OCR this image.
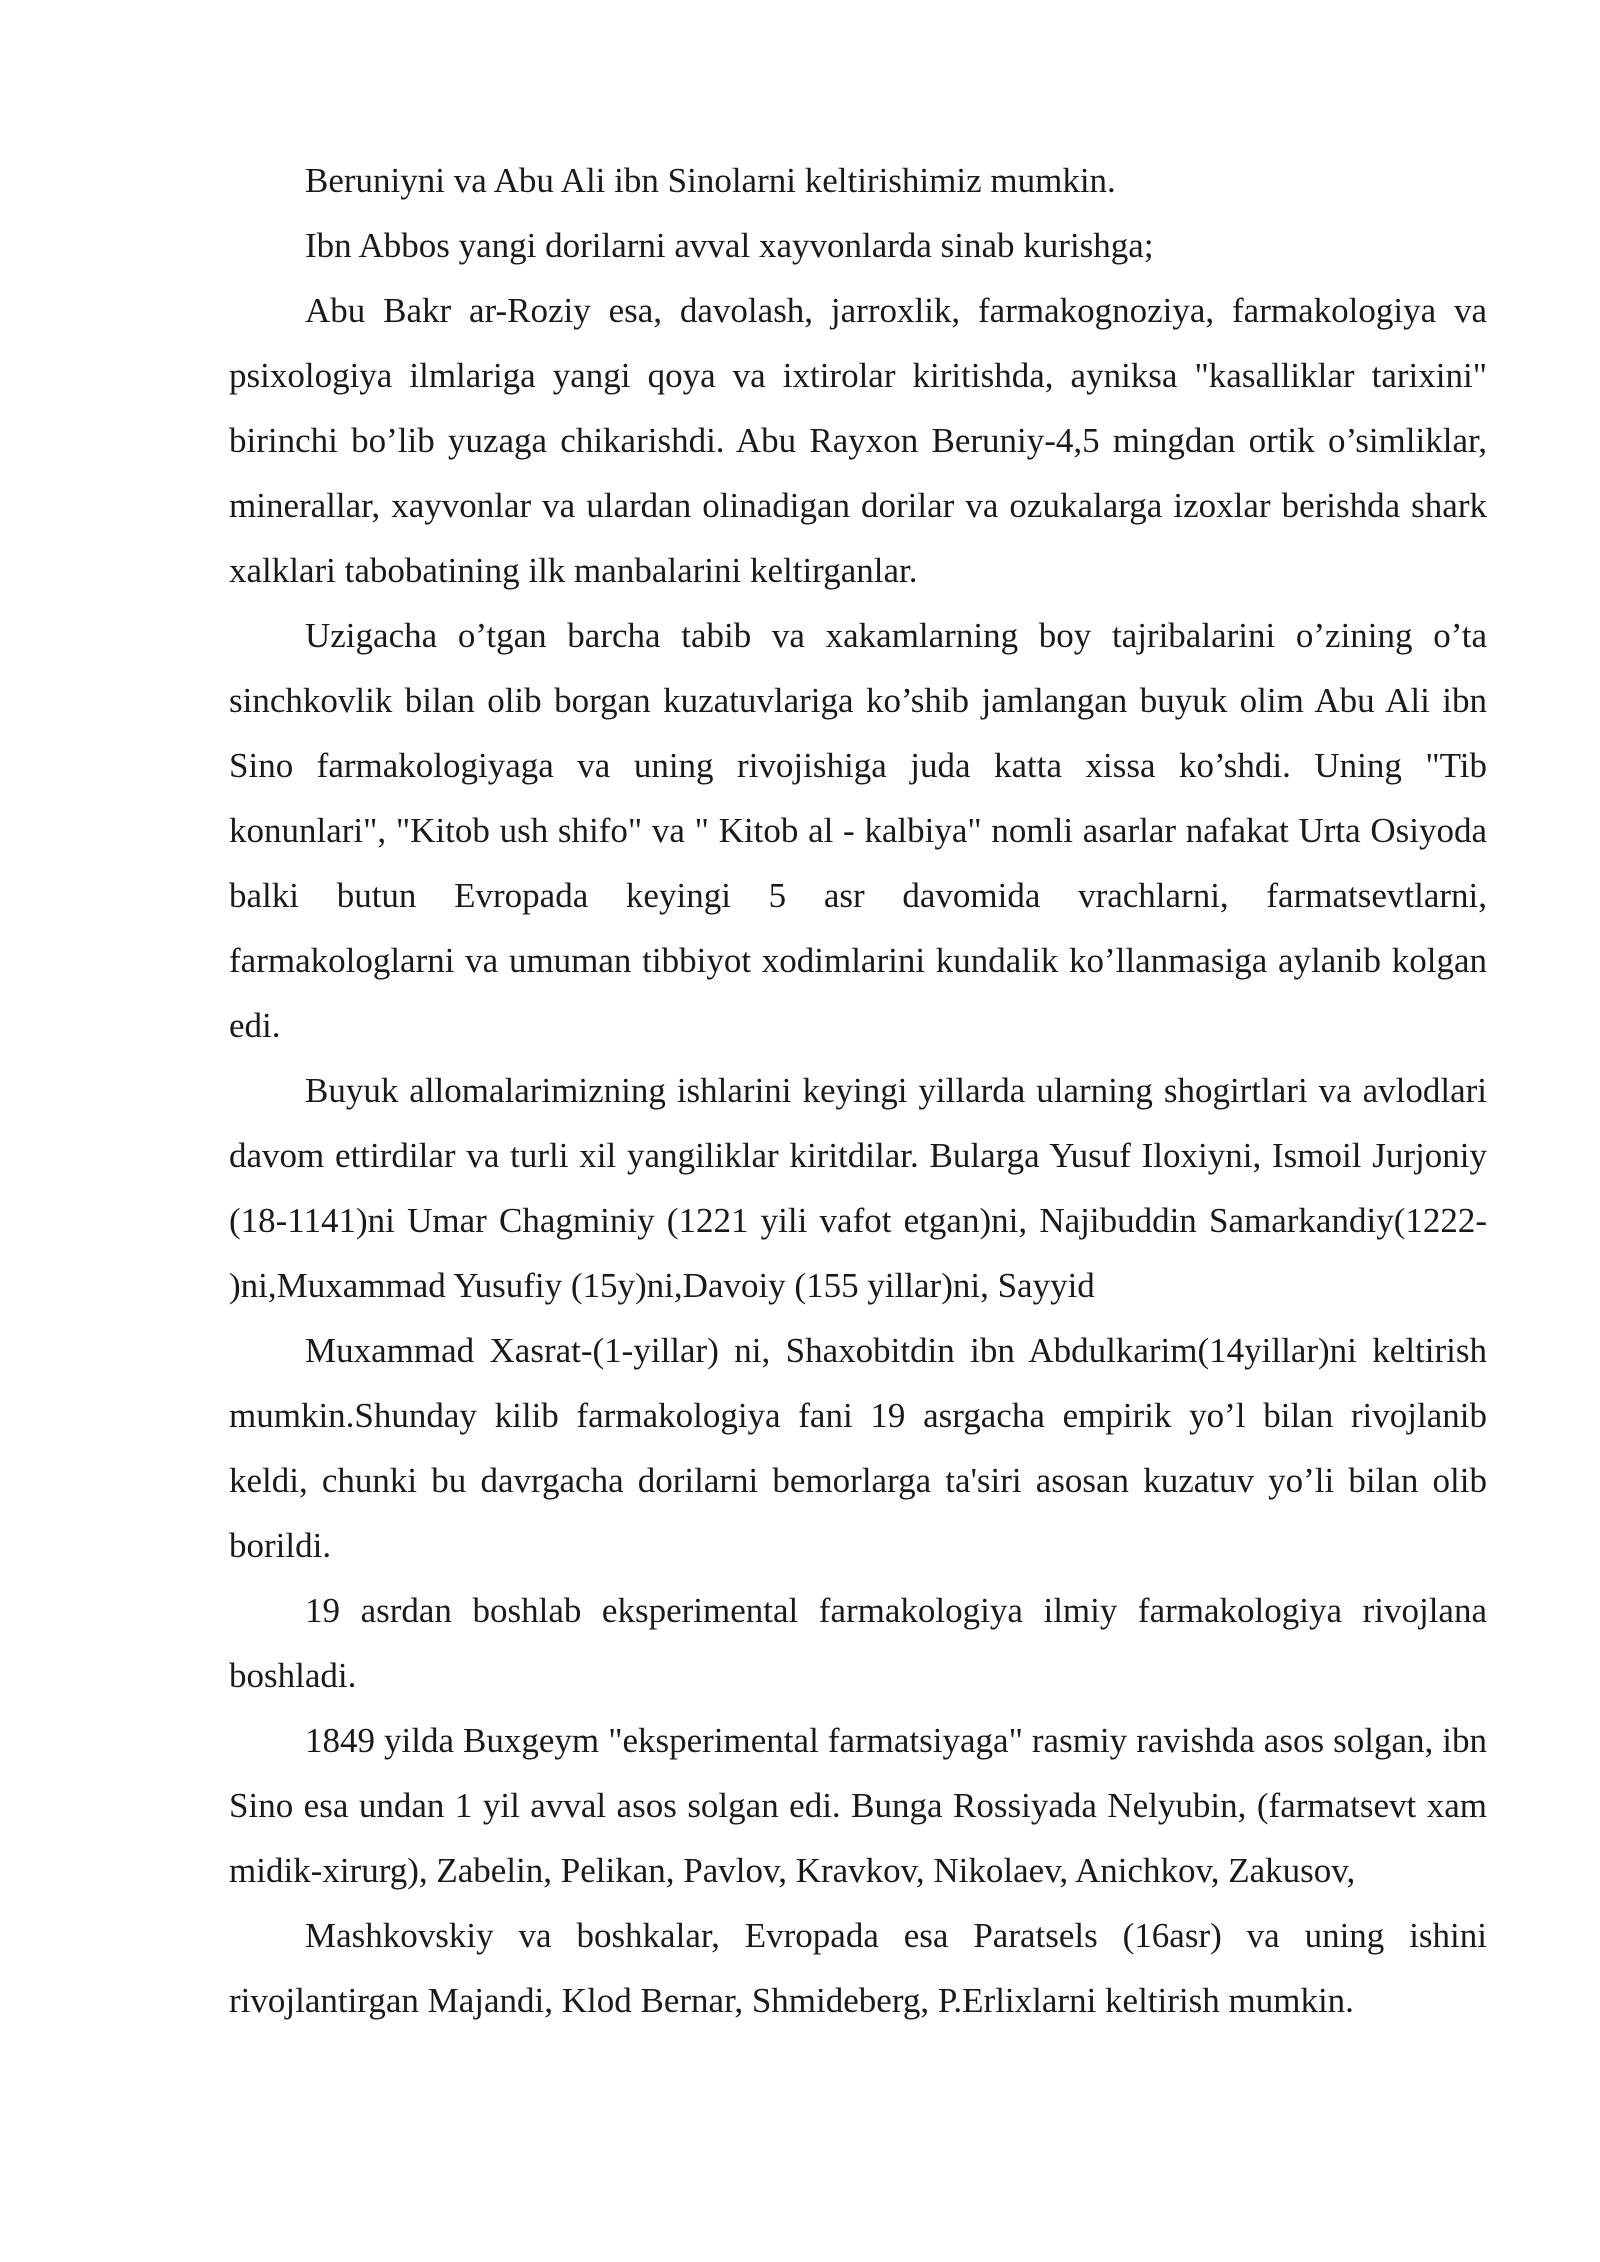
Beruniyni va Abu Ali ibn Sinolarni keltirishimiz mumkin.

Ibn Abbos yangi dorilarni avval xayvonlarda sinab kurishga;

Abu Bakr ar-Roziy esa, davolash, jarroxlik, farmakognoziya, farmakologiya va psixologiya ilmlariga yangi qoya va ixtirolar kiritishda, ayniksa "kasalliklar tarixini" birinchi bo’lib yuzaga chikarishdi. Abu Rayxon Beruniy-4,5 mingdan ortik o’simliklar, minerallar, xayvonlar va ulardan olinadigan dorilar va ozukalarga izoxlar berishda shark xalklari tabobatining ilk manbalarini keltirganlar.

Uzigacha o’tgan barcha tabib va xakamlarning boy tajribalarini o’zining o’ta sinchkovlik bilan olib borgan kuzatuvlariga ko’shib jamlangan buyuk olim Abu Ali ibn Sino farmakologiyaga va uning rivojishiga juda katta xissa ko’shdi. Uning "Tib konunlari", "Kitob ush shifo" va " Kitob al - kalbiya" nomli asarlar nafakat Urta Osiyoda balki butun Evropada keyingi 5 asr davomida vrachlarni, farmatsevtlarni, farmakologlarni va umuman tibbiyot xodimlarini kundalik ko’llanmasiga aylanib kolgan edi.

Buyuk allomalarimizning ishlarini keyingi yillarda ularning shogirtlari va avlodlari davom ettirdilar va turli xil yangiliklar kiritdilar. Bularga Yusuf Iloxiyni, Ismoil Jurjoniy (18-1141)ni Umar Chagminiy (1221 yili vafot etgan)ni, Najibuddin Samarkandiy(1222- )ni,Muxammad Yusufiy (15y)ni,Davoiy (155 yillar)ni, Sayyid

Muxammad Xasrat-(1-yillar) ni, Shaxobitdin ibn Abdulkarim(14yillar)ni keltirish mumkin.Shunday kilib farmakologiya fani 19 asrgacha empirik yo’l bilan rivojlanib keldi, chunki bu davrgacha dorilarni bemorlarga ta'siri asosan kuzatuv yo’li bilan olib borildi.

19 asrdan boshlab eksperimental farmakologiya ilmiy farmakologiya rivojlana boshladi.

1849 yilda Buxgeym "eksperimental farmatsiyaga" rasmiy ravishda asos solgan, ibn Sino esa undan 1 yil avval asos solgan edi. Bunga Rossiyada Nelyubin, (farmatsevt xam midik-xirurg), Zabelin, Pelikan, Pavlov, Kravkov, Nikolaev, Anichkov, Zakusov,

Mashkovskiy va boshkalar, Evropada esa Paratsels (16asr) va uning ishini rivojlantirgan Majandi, Klod Bernar, Shmideberg, P.Erlixlarni keltirish mumkin.
